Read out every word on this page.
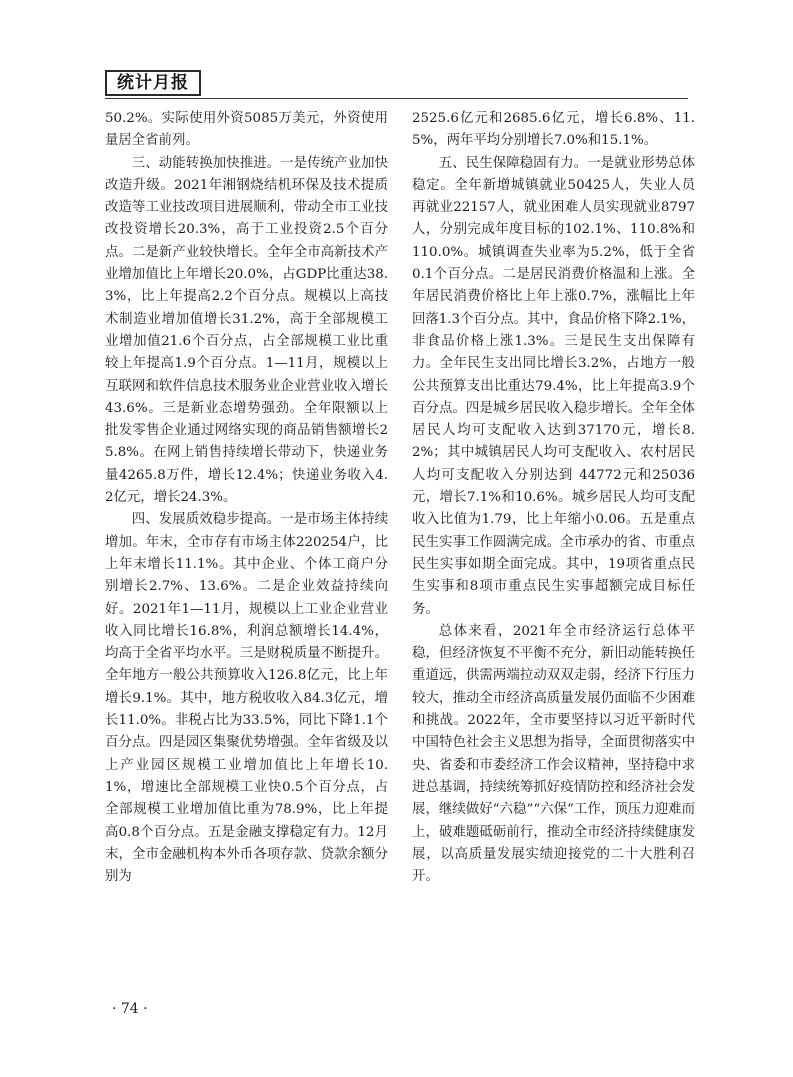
统计月报

50.2%。实际使用外资5085万美元，外资使用量居全省前列。

三、动能转换加快推进。一是传统产业加快改造升级。2021年湘钢烧结机环保及技术提质改造等工业技改项目进展顺利，带动全市工业技改投资增长20.3%，高于工业投资2.5个百分点。二是新产业较快增长。全年全市高新技术产业增加值比上年增长20.0%，占GDP比重达38.3%，比上年提高2.2个百分点。规模以上高技术制造业增加值增长31.2%，高于全部规模工业增加值21.6个百分点，占全部规模工业比重较上年提高1.9个百分点。1—11月，规模以上互联网和软件信息技术服务业企业营业收入增长43.6%。三是新业态增势强劲。全年限额以上批发零售企业通过网络实现的商品销售额增长25.8%。在网上销售持续增长带动下，快递业务量4265.8万件，增长12.4%；快递业务收入4.2亿元，增长24.3%。

四、发展质效稳步提高。一是市场主体持续增加。年末，全市存有市场主体220254户，比上年末增长11.1%。其中企业、个体工商户分别增长2.7%、13.6%。二是企业效益持续向好。2021年1—11月，规模以上工业企业营业收入同比增长16.8%，利润总额增长14.4%，均高于全省平均水平。三是财税质量不断提升。全年地方一般公共预算收入126.8亿元，比上年增长9.1%。其中，地方税收收入84.3亿元，增长11.0%。非税占比为33.5%，同比下降1.1个百分点。四是园区集聚优势增强。全年省级及以上产业园区规模工业增加值比上年增长10.1%，增速比全部规模工业快0.5个百分点，占全部规模工业增加值比重为78.9%，比上年提高0.8个百分点。五是金融支撑稳定有力。12月末，全市金融机构本外币各项存款、贷款余额分别为

2525.6亿元和2685.6亿元，增长6.8%、11.5%，两年平均分别增长7.0%和15.1%。

五、民生保障稳固有力。一是就业形势总体稳定。全年新增城镇就业50425人，失业人员再就业22157人，就业困难人员实现就业8797人，分别完成年度目标的102.1%、110.8%和110.0%。城镇调查失业率为5.2%，低于全省0.1个百分点。二是居民消费价格温和上涨。全年居民消费价格比上年上涨0.7%，涨幅比上年回落1.3个百分点。其中，食品价格下降2.1%，非食品价格上涨1.3%。三是民生支出保障有力。全年民生支出同比增长3.2%，占地方一般公共预算支出比重达79.4%，比上年提高3.9个百分点。四是城乡居民收入稳步增长。全年全体居民人均可支配收入达到37170元，增长8.2%；其中城镇居民人均可支配收入、农村居民人均可支配收入分别达到 44772元和25036元，增长7.1%和10.6%。城乡居民人均可支配收入比值为1.79，比上年缩小0.06。五是重点民生实事工作圆满完成。全市承办的省、市重点民生实事如期全面完成。其中，19项省重点民生实事和8项市重点民生实事超额完成目标任务。

总体来看，2021年全市经济运行总体平稳，但经济恢复不平衡不充分，新旧动能转换任重道远，供需两端拉动双双走弱，经济下行压力较大，推动全市经济高质量发展仍面临不少困难和挑战。2022年，全市要坚持以习近平新时代中国特色社会主义思想为指导，全面贯彻落实中央、省委和市委经济工作会议精神，坚持稳中求进总基调，持续统筹抓好疫情防控和经济社会发展，继续做好“六稳”“六保”工作，顶压力迎难而上，破难题砥砺前行，推动全市经济持续健康发展，以高质量发展实绩迎接党的二十大胜利召开。

· 74 ·
